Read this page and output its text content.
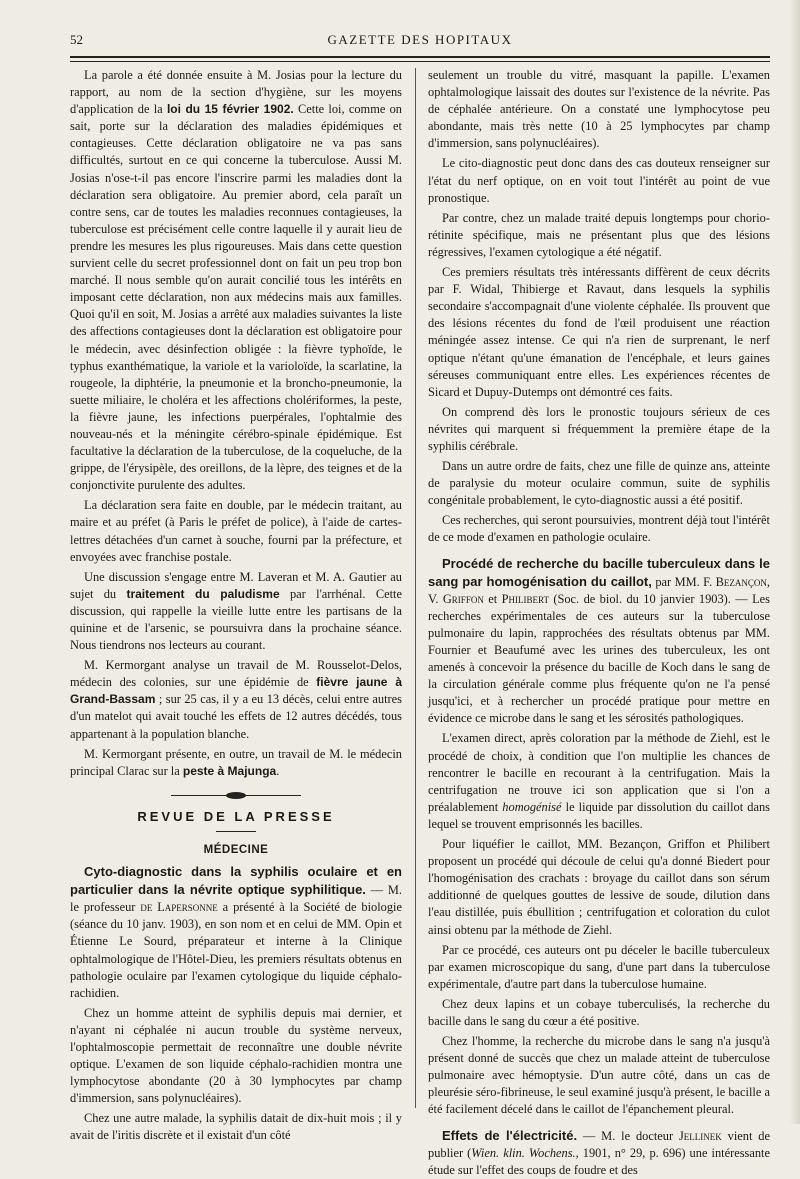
52	GAZETTE DES HOPITAUX

La parole a été donnée ensuite à M. Josias pour la lecture du rapport, au nom de la section d'hygiène, sur les moyens d'application de la loi du 15 février 1902. Cette loi, comme on sait, porte sur la déclaration des maladies épidémiques et contagieuses. Cette déclaration obligatoire ne va pas sans difficultés, surtout en ce qui concerne la tuberculose. Aussi M. Josias n'ose-t-il pas encore l'inscrire parmi les maladies dont la déclaration sera obligatoire. Au premier abord, cela paraît un contre sens, car de toutes les maladies reconnues contagieuses, la tuberculose est précisément celle contre laquelle il y aurait lieu de prendre les mesures les plus rigoureuses. Mais dans cette question survient celle du secret professionnel dont on fait un peu trop bon marché. Il nous semble qu'on aurait concilié tous les intérêts en imposant cette déclaration, non aux médecins mais aux familles. Quoi qu'il en soit, M. Josias a arrêté aux maladies suivantes la liste des affections contagieuses dont la déclaration est obligatoire pour le médecin, avec désinfection obligée : la fièvre typhoïde, le typhus exanthématique, la variole et la varioloïde, la scarlatine, la rougeole, la diphtérie, la pneumonie et la broncho-pneumonie, la suette miliaire, le choléra et les affections cholériformes, la peste, la fièvre jaune, les infections puerpérales, l'ophtalmie des nouveau-nés et la méningite cérébro-spinale épidémique. Est facultative la déclaration de la tuberculose, de la coqueluche, de la grippe, de l'érysipèle, des oreillons, de la lèpre, des teignes et de la conjonctivite purulente des adultes.

La déclaration sera faite en double, par le médecin traitant, au maire et au préfet (à Paris le préfet de police), à l'aide de cartes-lettres détachées d'un carnet à souche, fourni par la préfecture, et envoyées avec franchise postale.

Une discussion s'engage entre M. Laveran et M. A. Gautier au sujet du traitement du paludisme par l'arrhénal. Cette discussion, qui rappelle la vieille lutte entre les partisans de la quinine et de l'arsenic, se poursuivra dans la prochaine séance. Nous tiendrons nos lecteurs au courant.

M. Kermorgant analyse un travail de M. Rousselot-Delos, médecin des colonies, sur une épidémie de fièvre jaune à Grand-Bassam ; sur 25 cas, il y a eu 13 décès, celui entre autres d'un matelot qui avait touché les effets de 12 autres décédés, tous appartenant à la population blanche.

M. Kermorgant présente, en outre, un travail de M. le médecin principal Clarac sur la peste à Majunga.

REVUE DE LA PRESSE
MÉDECINE

Cyto-diagnostic dans la syphilis oculaire et en particulier dans la névrite optique syphilitique. — M. le professeur de Lapersonne a présenté à la Société de biologie (séance du 10 janv. 1903), en son nom et en celui de MM. Opin et Étienne Le Sourd, préparateur et interne à la Clinique ophtalmologique de l'Hôtel-Dieu, les premiers résultats obtenus en pathologie oculaire par l'examen cytologique du liquide céphalo-rachidien.

Chez un homme atteint de syphilis depuis mai dernier, et n'ayant ni céphalée ni aucun trouble du système nerveux, l'ophtalmoscopie permettait de reconnaître une double névrite optique. L'examen de son liquide céphalo-rachidien montra une lymphocytose abondante (20 à 30 lymphocytes par champ d'immersion, sans polynucléaires).

Chez une autre malade, la syphilis datait de dix-huit mois ; il y avait de l'iritis discrète et il existait d'un côté

seulement un trouble du vitré, masquant la papille. L'examen ophtalmologique laissait des doutes sur l'existence de la névrite. Pas de céphalée antérieure. On a constaté une lymphocytose peu abondante, mais très nette (10 à 25 lymphocytes par champ d'immersion, sans polynucléaires).

Le cito-diagnostic peut donc dans des cas douteux renseigner sur l'état du nerf optique, on en voit tout l'intérêt au point de vue pronostique.

Par contre, chez un malade traité depuis longtemps pour chorio-rétinite spécifique, mais ne présentant plus que des lésions régressives, l'examen cytologique a été négatif.

Ces premiers résultats très intéressants diffèrent de ceux décrits par F. Widal, Thibierge et Ravaut, dans lesquels la syphilis secondaire s'accompagnait d'une violente céphalée. Ils prouvent que des lésions récentes du fond de l'œil produisent une réaction méningée assez intense. Ce qui n'a rien de surprenant, le nerf optique n'étant qu'une émanation de l'encéphale, et leurs gaines séreuses communiquant entre elles. Les expériences récentes de Sicard et Dupuy-Dutemps ont démontré ces faits.

On comprend dès lors le pronostic toujours sérieux de ces névrites qui marquent si fréquemment la première étape de la syphilis cérébrale.

Dans un autre ordre de faits, chez une fille de quinze ans, atteinte de paralysie du moteur oculaire commun, suite de syphilis congénitale probablement, le cyto-diagnostic aussi a été positif.

Ces recherches, qui seront poursuivies, montrent déjà tout l'intérêt de ce mode d'examen en pathologie oculaire.

Procédé de recherche du bacille tuberculeux dans le sang par homogénisation du caillot, par MM. F. Bezançon, V. Griffon et Philibert (Soc. de biol. du 10 janvier 1903). — Les recherches expérimentales de ces auteurs sur la tuberculose pulmonaire du lapin, rapprochées des résultats obtenus par MM. Fournier et Beaufumé avec les urines des tuberculeux, les ont amenés à concevoir la présence du bacille de Koch dans le sang de la circulation générale comme plus fréquente qu'on ne l'a pensé jusqu'ici, et à rechercher un procédé pratique pour mettre en évidence ce microbe dans le sang et les sérosités pathologiques.

L'examen direct, après coloration par la méthode de Ziehl, est le procédé de choix, à condition que l'on multiplie les chances de rencontrer le bacille en recourant à la centrifugation. Mais la centrifugation ne trouve ici son application que si l'on a préalablement homogénisé le liquide par dissolution du caillot dans lequel se trouvent emprisonnés les bacilles.

Pour liquéfier le caillot, MM. Bezançon, Griffon et Philibert proposent un procédé qui découle de celui qu'a donné Biedert pour l'homogénisation des crachats : broyage du caillot dans son sérum additionné de quelques gouttes de lessive de soude, dilution dans l'eau distillée, puis ébullition ; centrifugation et coloration du culot ainsi obtenu par la méthode de Ziehl.

Par ce procédé, ces auteurs ont pu déceler le bacille tuberculeux par examen microscopique du sang, d'une part dans la tuberculose expérimentale, d'autre part dans la tuberculose humaine.

Chez deux lapins et un cobaye tuberculisés, la recherche du bacille dans le sang du cœur a été positive.

Chez l'homme, la recherche du microbe dans le sang n'a jusqu'à présent donné de succès que chez un malade atteint de tuberculose pulmonaire avec hémoptysie. D'un autre côté, dans un cas de pleurésie séro-fibrineuse, le seul examiné jusqu'à présent, le bacille a été facilement décelé dans le caillot de l'épanchement pleural.

Effets de l'électricité. — M. le docteur Jellinek vient de publier (Wien. klin. Wochens., 1901, n° 29, p. 696) une intéressante étude sur l'effet des coups de foudre et des
